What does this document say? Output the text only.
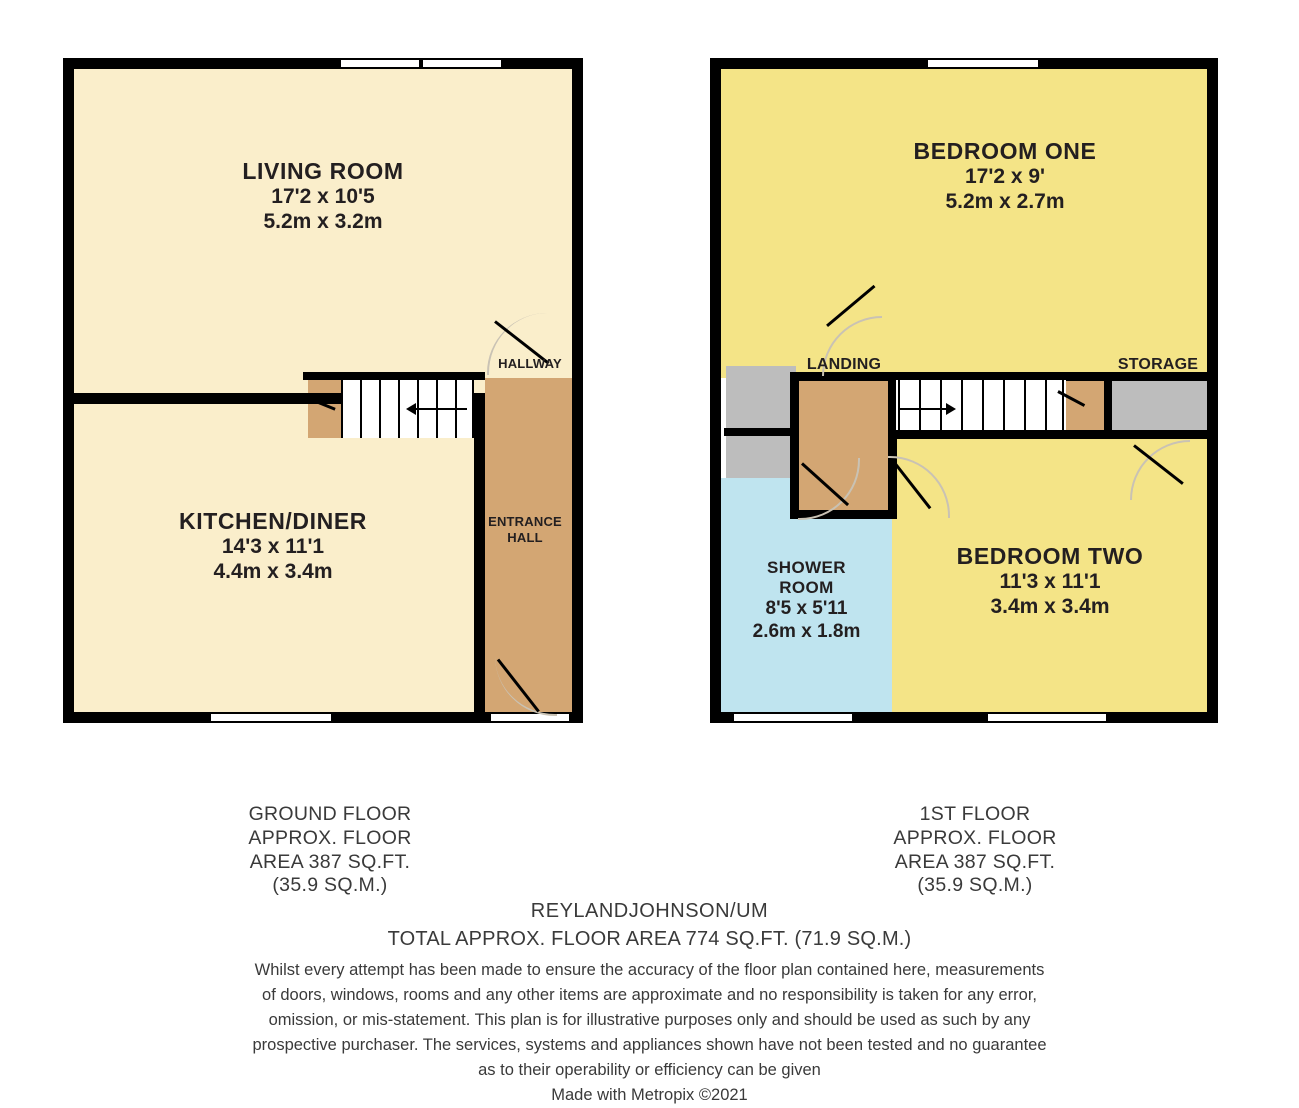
LIVING ROOM
17'2 x 10'5
5.2m x 3.2m
KITCHEN/DINER
14'3 x 11'1
4.4m x 3.4m
HALLWAY
ENTRANCE
HALL
BEDROOM ONE
17'2 x 9'
5.2m x 2.7m
BEDROOM TWO
11'3 x 11'1
3.4m x 3.4m
SHOWER
ROOM
8'5 x 5'11
2.6m x 1.8m
LANDING	STORAGE
GROUND FLOOR
APPROX. FLOOR
AREA 387 SQ.FT.
(35.9 SQ.M.)
1ST FLOOR
APPROX. FLOOR
AREA 387 SQ.FT.
(35.9 SQ.M.)
REYLANDJOHNSON/UM
TOTAL APPROX. FLOOR AREA 774 SQ.FT. (71.9 SQ.M.)
Whilst every attempt has been made to ensure the accuracy of the floor plan contained here, measurements
of doors, windows, rooms and any other items are approximate and no responsibility is taken for any error,
omission, or mis-statement. This plan is for illustrative purposes only and should be used as such by any
prospective purchaser. The services, systems and appliances shown have not been tested and no guarantee
as to their operability or efficiency can be given
Made with Metropix ©2021
